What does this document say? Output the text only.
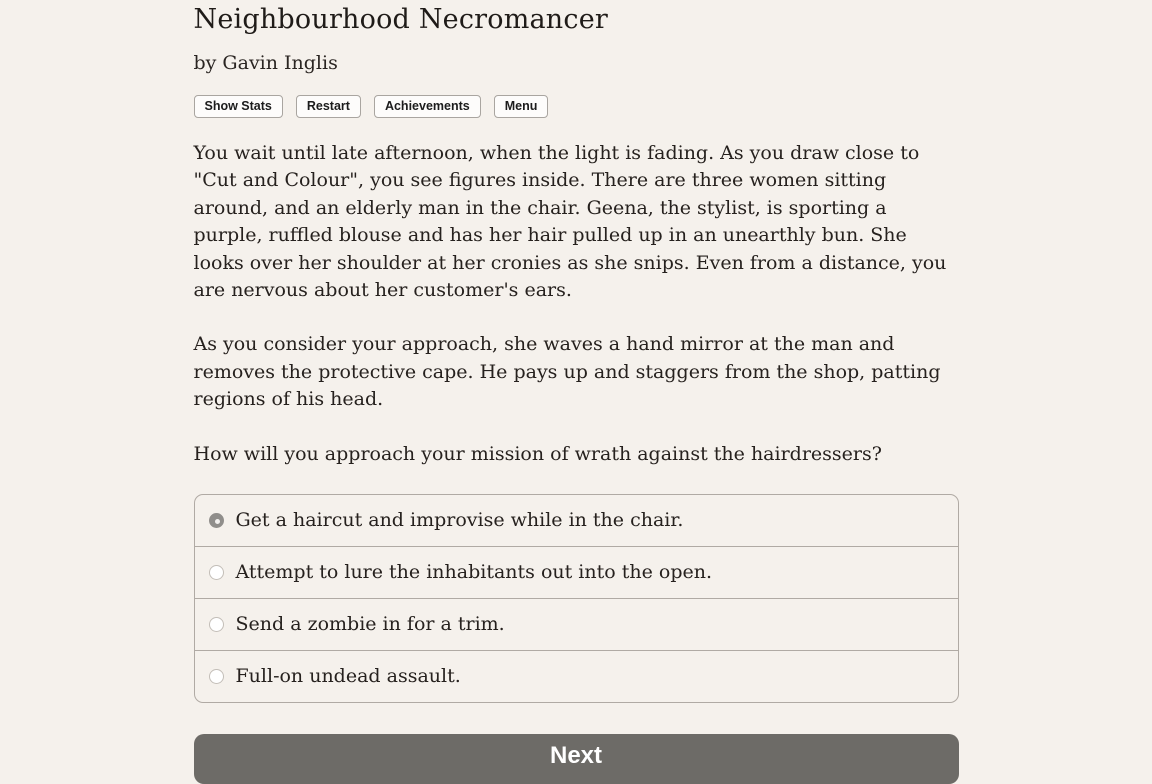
Neighbourhood Necromancer
by Gavin Inglis
Show Stats	Restart	Achievements	Menu

You wait until late afternoon, when the light is fading. As you draw close to "Cut and Colour", you see figures inside. There are three women sitting around, and an elderly man in the chair. Geena, the stylist, is sporting a purple, ruffled blouse and has her hair pulled up in an unearthly bun. She looks over her shoulder at her cronies as she snips. Even from a distance, you are nervous about her customer's ears.

As you consider your approach, she waves a hand mirror at the man and removes the protective cape. He pays up and staggers from the shop, patting regions of his head.

How will you approach your mission of wrath against the hairdressers?

Get a haircut and improvise while in the chair.
Attempt to lure the inhabitants out into the open.
Send a zombie in for a trim.
Full-on undead assault.
Next
